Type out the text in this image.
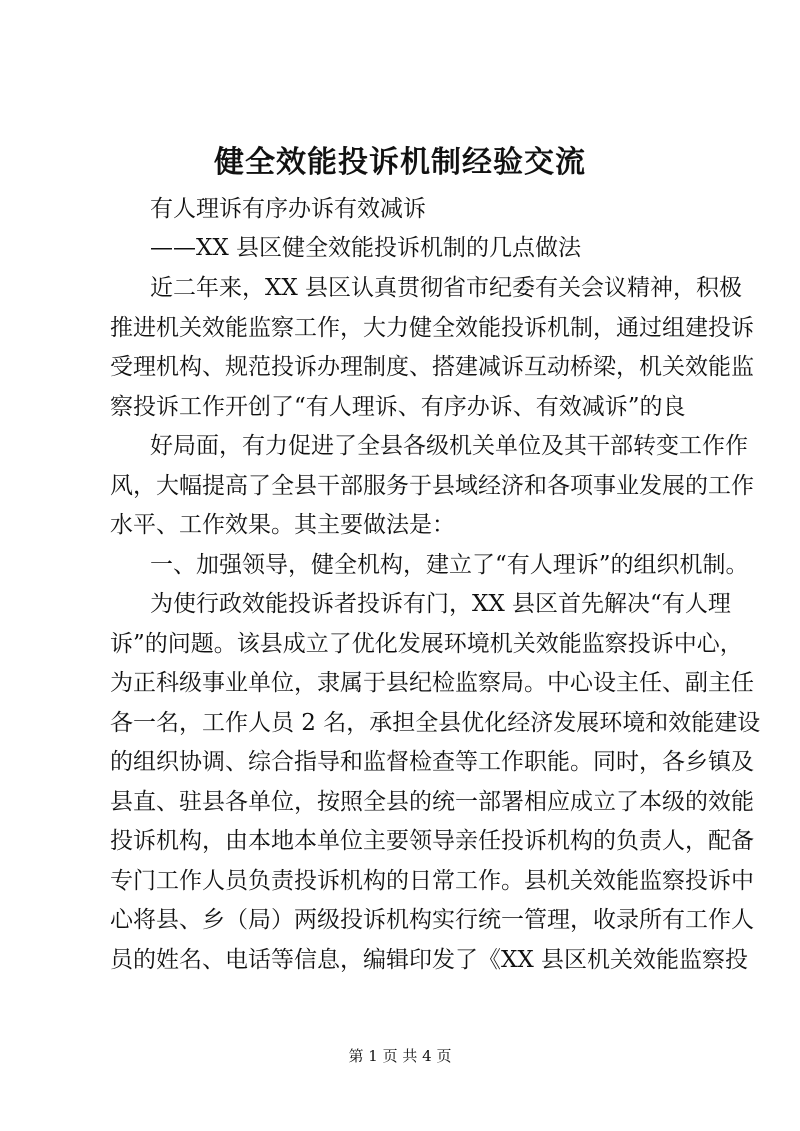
健全效能投诉机制经验交流
有人理诉有序办诉有效减诉
——XX 县区健全效能投诉机制的几点做法
近二年来，XX 县区认真贯彻省市纪委有关会议精神，积极
推进机关效能监察工作，大力健全效能投诉机制，通过组建投诉
受理机构、规范投诉办理制度、搭建减诉互动桥梁，机关效能监
察投诉工作开创了“有人理诉、有序办诉、有效减诉”的良
好局面，有力促进了全县各级机关单位及其干部转变工作作
风，大幅提高了全县干部服务于县域经济和各项事业发展的工作
水平、工作效果。其主要做法是：
一、加强领导，健全机构，建立了“有人理诉”的组织机制。
为使行政效能投诉者投诉有门，XX 县区首先解决“有人理
诉”的问题。该县成立了优化发展环境机关效能监察投诉中心，
为正科级事业单位，隶属于县纪检监察局。中心设主任、副主任
各一名，工作人员 2 名，承担全县优化经济发展环境和效能建设
的组织协调、综合指导和监督检查等工作职能。同时，各乡镇及
县直、驻县各单位，按照全县的统一部署相应成立了本级的效能
投诉机构，由本地本单位主要领导亲任投诉机构的负责人，配备
专门工作人员负责投诉机构的日常工作。县机关效能监察投诉中
心将县、乡（局）两级投诉机构实行统一管理，收录所有工作人
员的姓名、电话等信息，编辑印发了《XX 县区机关效能监察投
第 1 页 共 4 页
